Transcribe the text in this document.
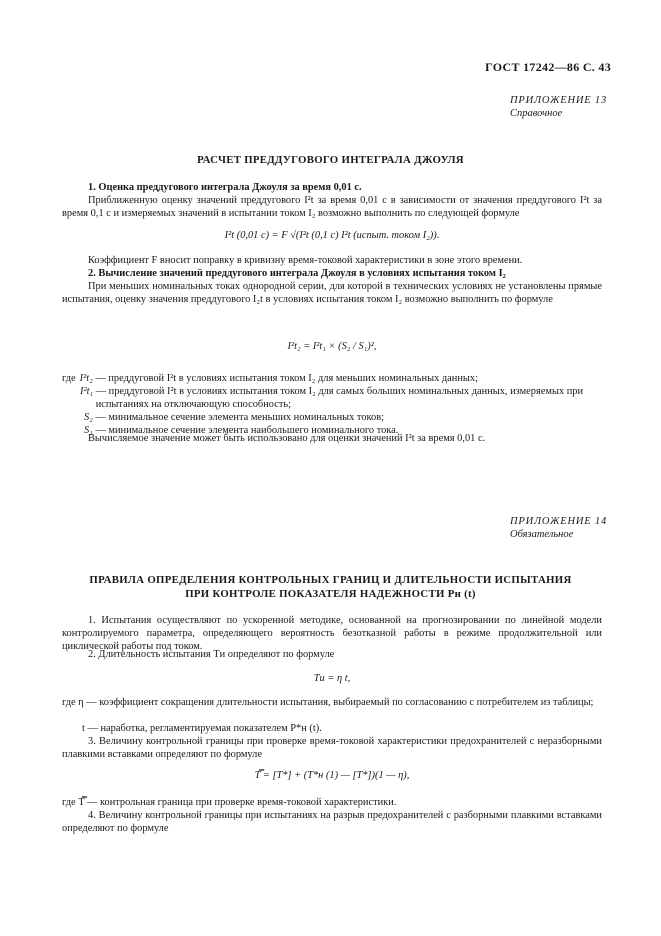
ГОСТ 17242—86 С. 43
ПРИЛОЖЕНИЕ 13
Справочное
РАСЧЕТ ПРЕДДУГОВОГО ИНТЕГРАЛА ДЖОУЛЯ
1. Оценка преддугового интеграла Джоуля за время 0,01 с.
Приближенную оценку значений преддугового I²t за время 0,01 с в зависимости от значения преддугового I²t за время 0,1 с и измеряемых значений в испытании током I₂ возможно выполнить по следующей формуле
I²t (0,01 с) = F √(I²t (0,1 с) I²t (испыт. током I₂)).
Коэффициент F вносит поправку в кривизну время-токовой характеристики в зоне этого времени.
2. Вычисление значений преддугового интеграла Джоуля в условиях испытания током I₂
При меньших номинальных токах однородной серии, для которой в технических условиях не установлены прямые испытания, оценку значения преддугового I₂t в условиях испытания током I₂ возможно выполнить по формуле
I²t₂ = I²t₁ × (S₂ / S₁)²,
где I²t₂
— преддуговой I²t в условиях испытания током I₂ для меньших номинальных данных;
I²t₁
— преддуговой I²t в условиях испытания током I₂ для самых больших номинальных данных, измеряемых при испытаниях на отключающую способность;
S₂
— минимальное сечение элемента меньших номинальных токов;
S₁
— минимальное сечение элемента наибольшего номинального тока.
Вычисляемое значение может быть использовано для оценки значений I²t за время 0,01 с.
ПРИЛОЖЕНИЕ 14
Обязательное
ПРАВИЛА ОПРЕДЕЛЕНИЯ КОНТРОЛЬНЫХ ГРАНИЦ И ДЛИТЕЛЬНОСТИ ИСПЫТАНИЯ
ПРИ КОНТРОЛЕ ПОКАЗАТЕЛЯ НАДЕЖНОСТИ Pн (t)
1. Испытания осуществляют по ускоренной методике, основанной на прогнозировании по линейной модели контролируемого параметра, определяющего вероятность безотказной работы в режиме продолжительной или циклической работы под током.
2. Длительность испытания Tи определяют по формуле
Tи = η t,
где η — коэффициент сокращения длительности испытания, выбираемый по согласованию с потребителем из таблицы;
t — наработка, регламентируемая показателем P*н (t).
3. Величину контрольной границы при проверке время-токовой характеристики предохранителей с неразборными плавкими вставками определяют по формуле
T̿ = [T*] + (T*н (1) — [T*])(1 — η),
где T̿ — контрольная граница при проверке время-токовой характеристики.
4. Величину контрольной границы при испытаниях на разрыв предохранителей с разборными плавкими вставками определяют по формуле
